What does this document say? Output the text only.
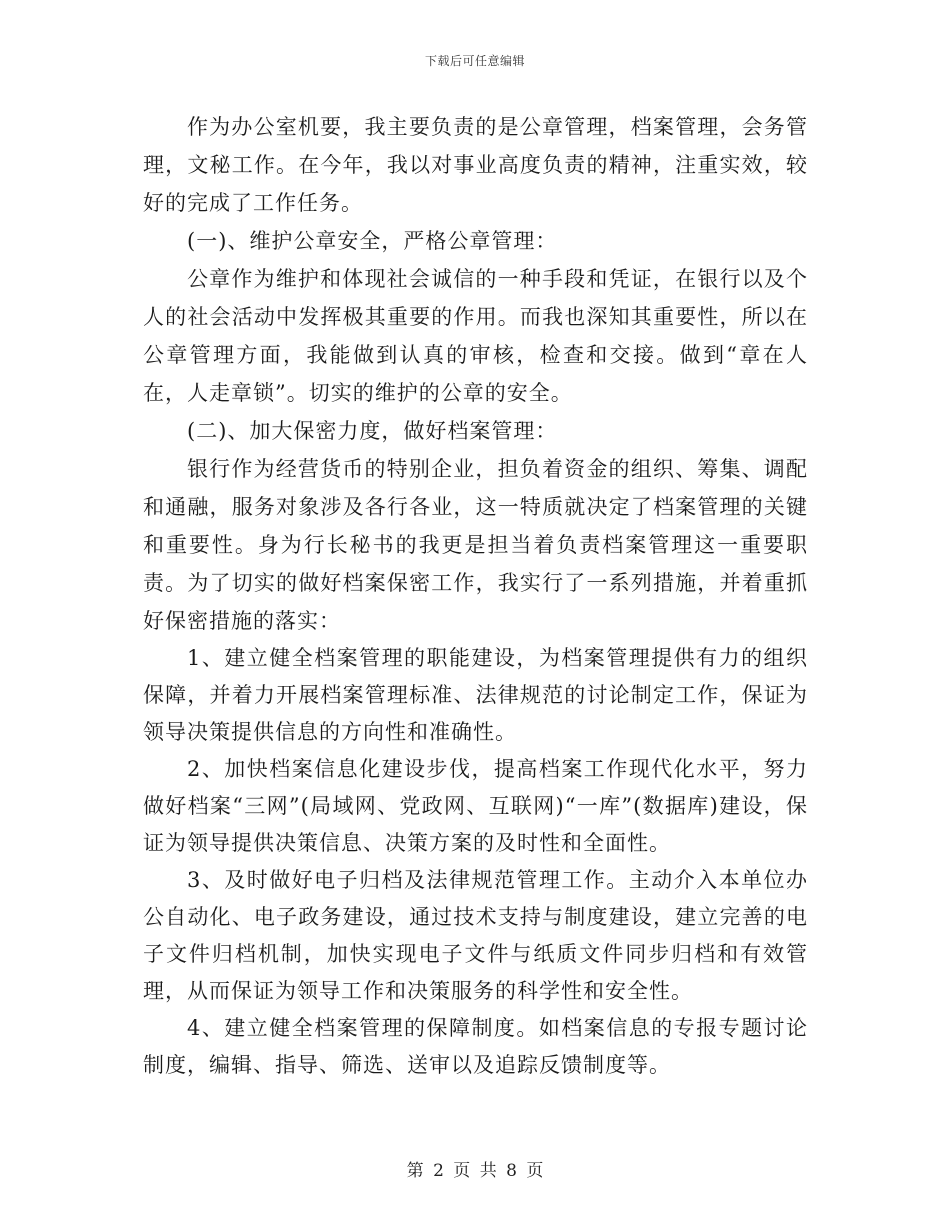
下载后可任意编辑

作为办公室机要，我主要负责的是公章管理，档案管理，会务管理，文秘工作。在今年，我以对事业高度负责的精神，注重实效，较好的完成了工作任务。

(一)、维护公章安全，严格公章管理：

公章作为维护和体现社会诚信的一种手段和凭证，在银行以及个人的社会活动中发挥极其重要的作用。而我也深知其重要性，所以在公章管理方面，我能做到认真的审核，检查和交接。做到“章在人在，人走章锁”。切实的维护的公章的安全。

(二)、加大保密力度，做好档案管理：

银行作为经营货币的特别企业，担负着资金的组织、筹集、调配和通融，服务对象涉及各行各业，这一特质就决定了档案管理的关键和重要性。身为行长秘书的我更是担当着负责档案管理这一重要职责。为了切实的做好档案保密工作，我实行了一系列措施，并着重抓好保密措施的落实：

1、建立健全档案管理的职能建设，为档案管理提供有力的组织保障，并着力开展档案管理标准、法律规范的讨论制定工作，保证为领导决策提供信息的方向性和准确性。

2、加快档案信息化建设步伐，提高档案工作现代化水平，努力做好档案“三网”(局域网、党政网、互联网)“一库”(数据库)建设，保证为领导提供决策信息、决策方案的及时性和全面性。

3、及时做好电子归档及法律规范管理工作。主动介入本单位办公自动化、电子政务建设，通过技术支持与制度建设，建立完善的电子文件归档机制，加快实现电子文件与纸质文件同步归档和有效管理，从而保证为领导工作和决策服务的科学性和安全性。

4、建立健全档案管理的保障制度。如档案信息的专报专题讨论制度，编辑、指导、筛选、送审以及追踪反馈制度等。

第 2 页 共 8 页
